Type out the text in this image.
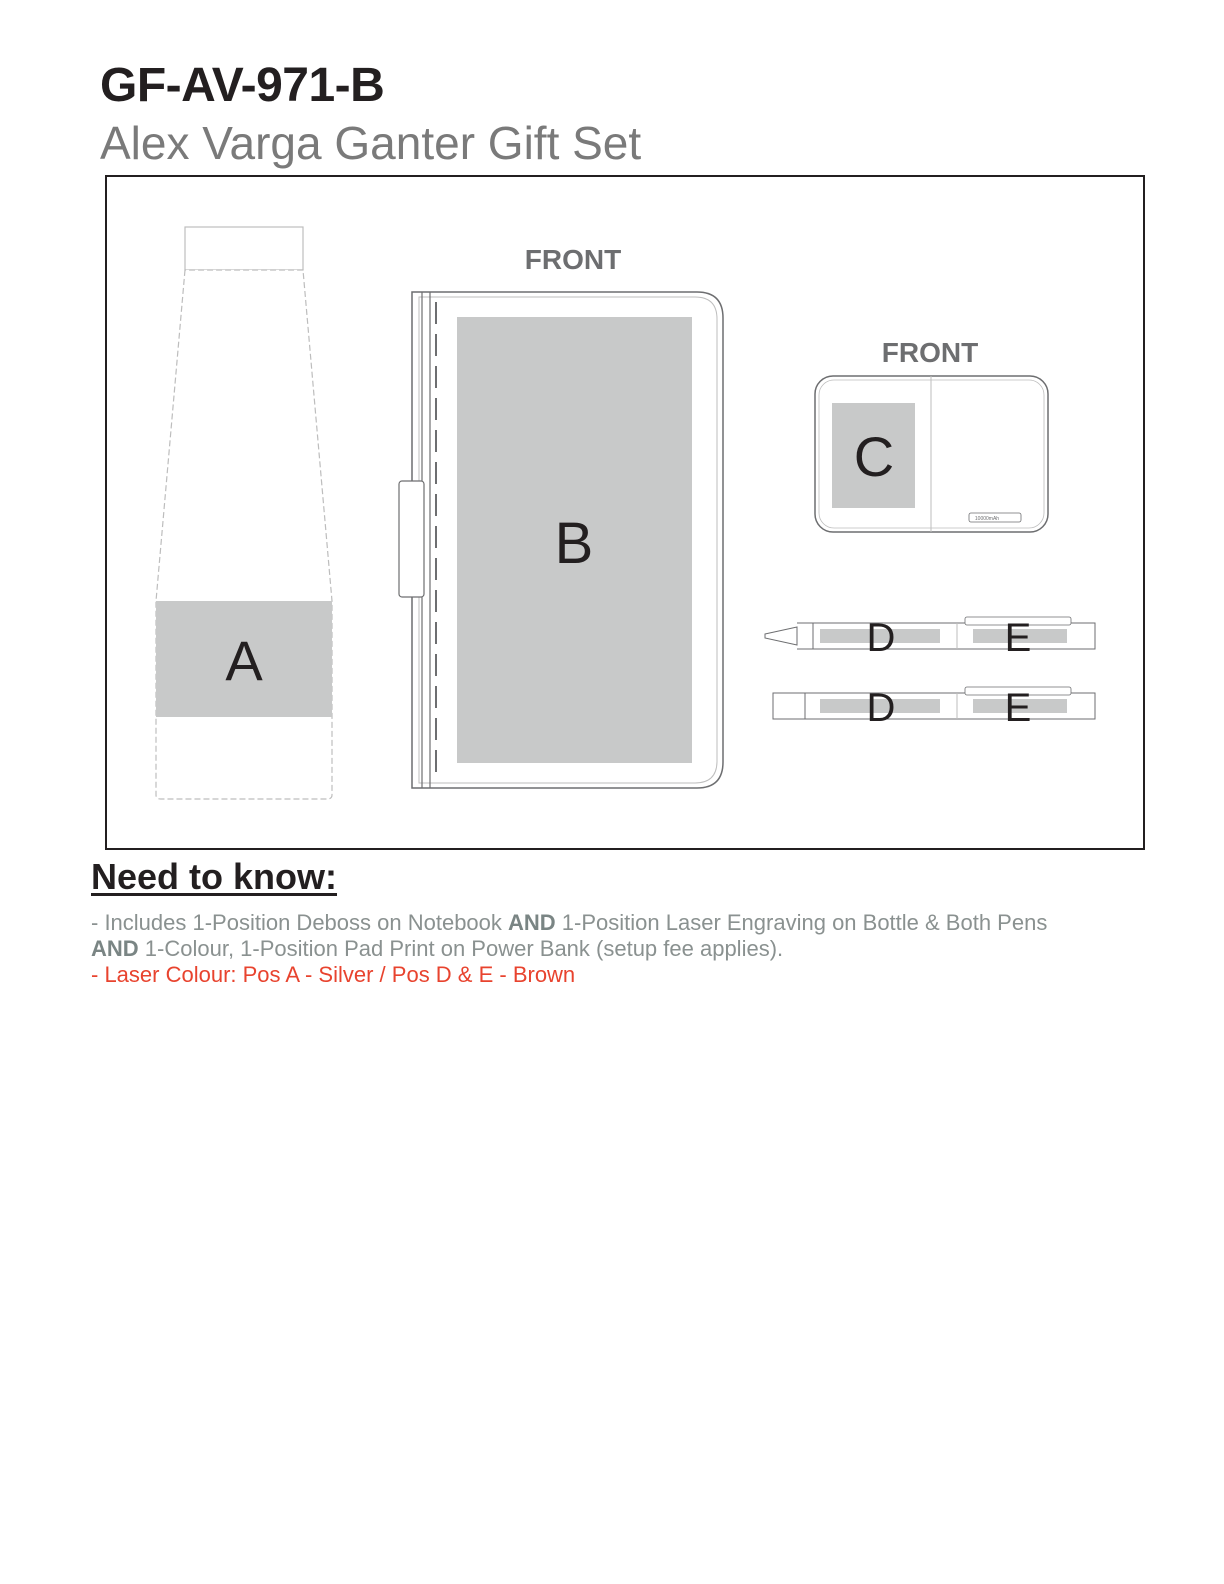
GF-AV-971-B
Alex Varga Ganter Gift Set
A
FRONT
B
FRONT
C
10000mAh
D	E
D	E
Need to know:
- Includes 1-Position Deboss on Notebook AND 1-Position Laser Engraving on Bottle & Both Pens
AND 1-Colour, 1-Position Pad Print on Power Bank (setup fee applies).
- Laser Colour: Pos A - Silver / Pos D & E - Brown
